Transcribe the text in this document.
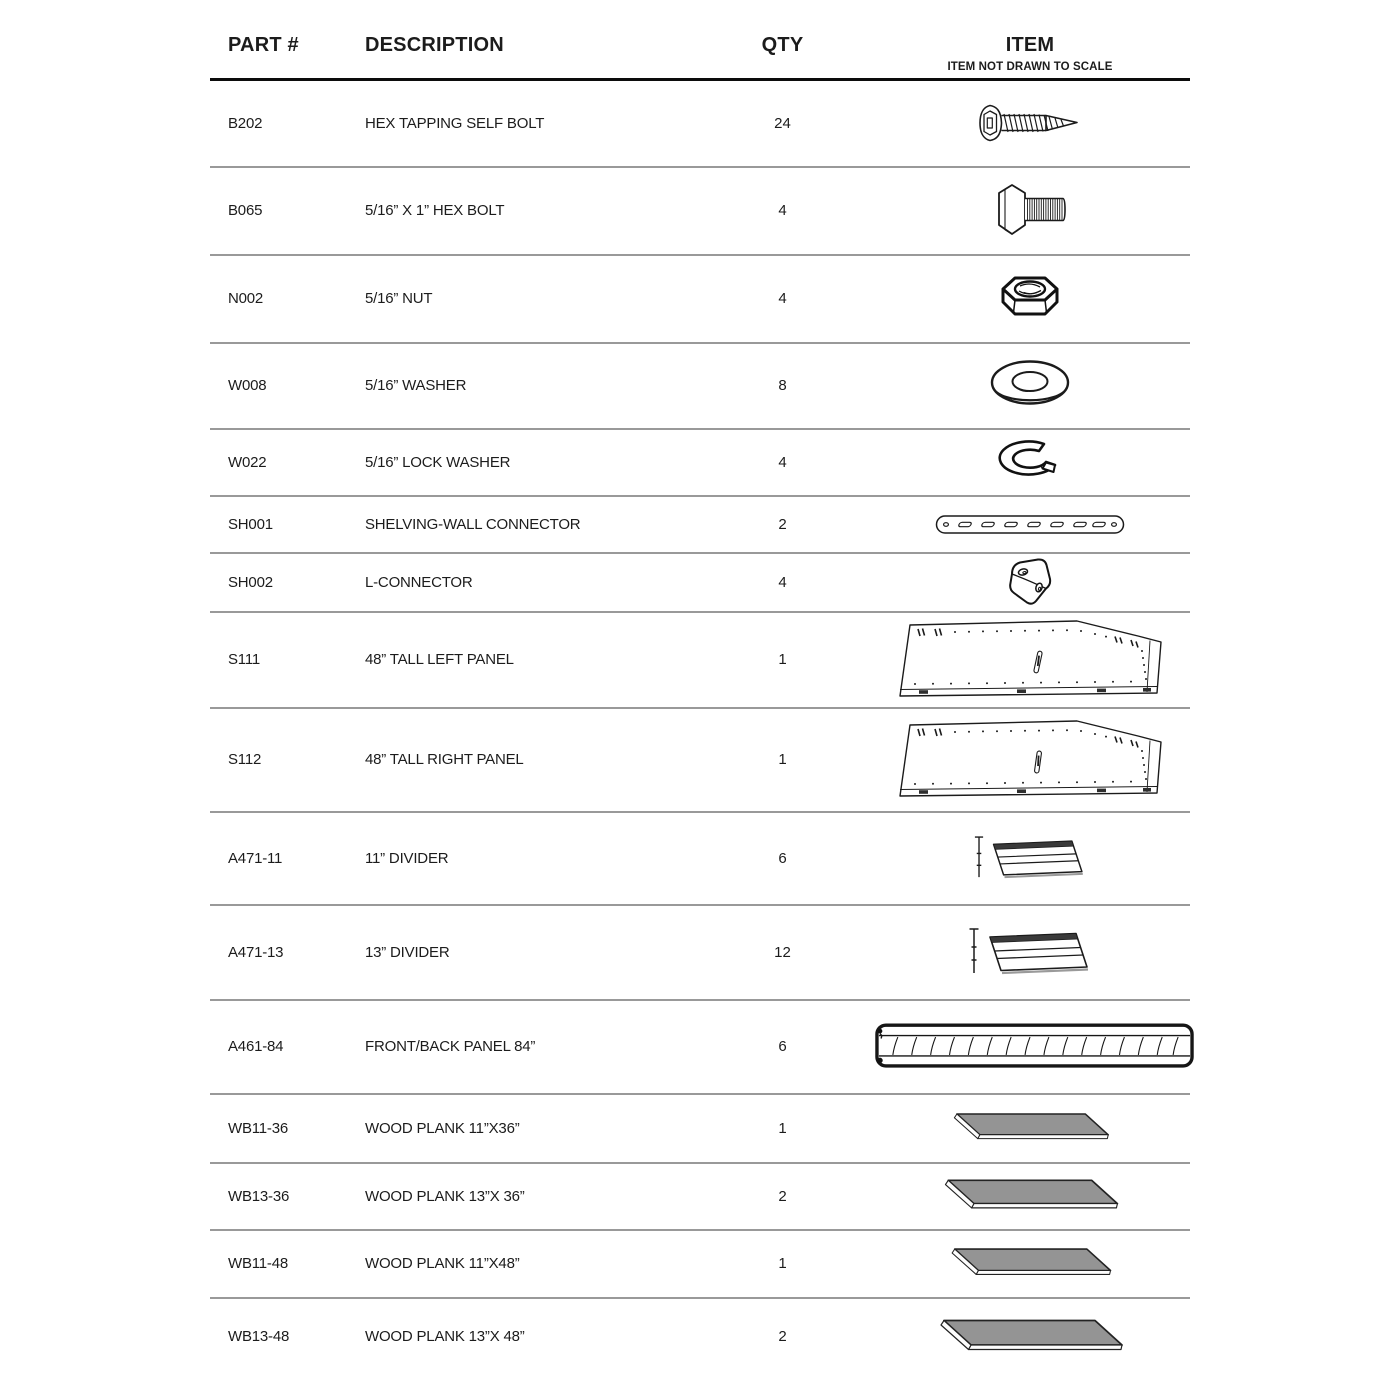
PART #	DESCRIPTION	QTY	ITEM
ITEM NOT DRAWN TO SCALE
B202	HEX TAPPING SELF BOLT	24
B065	5/16” X 1” HEX BOLT	4
N002	5/16” NUT	4
W008	5/16” WASHER	8
W022	5/16” LOCK WASHER	4
SH001	SHELVING-WALL CONNECTOR	2
SH002	L-CONNECTOR	4
S111	48” TALL LEFT PANEL	1
S112	48” TALL RIGHT PANEL	1
A471-11	11” DIVIDER	6
A471-13	13” DIVIDER	12
A461-84	FRONT/BACK PANEL 84”	6
WB11-36	WOOD PLANK 11”X36”	1
WB13-36	WOOD PLANK 13”X 36”	2
WB11-48	WOOD PLANK 11”X48”	1
WB13-48	WOOD PLANK 13”X 48”	2
